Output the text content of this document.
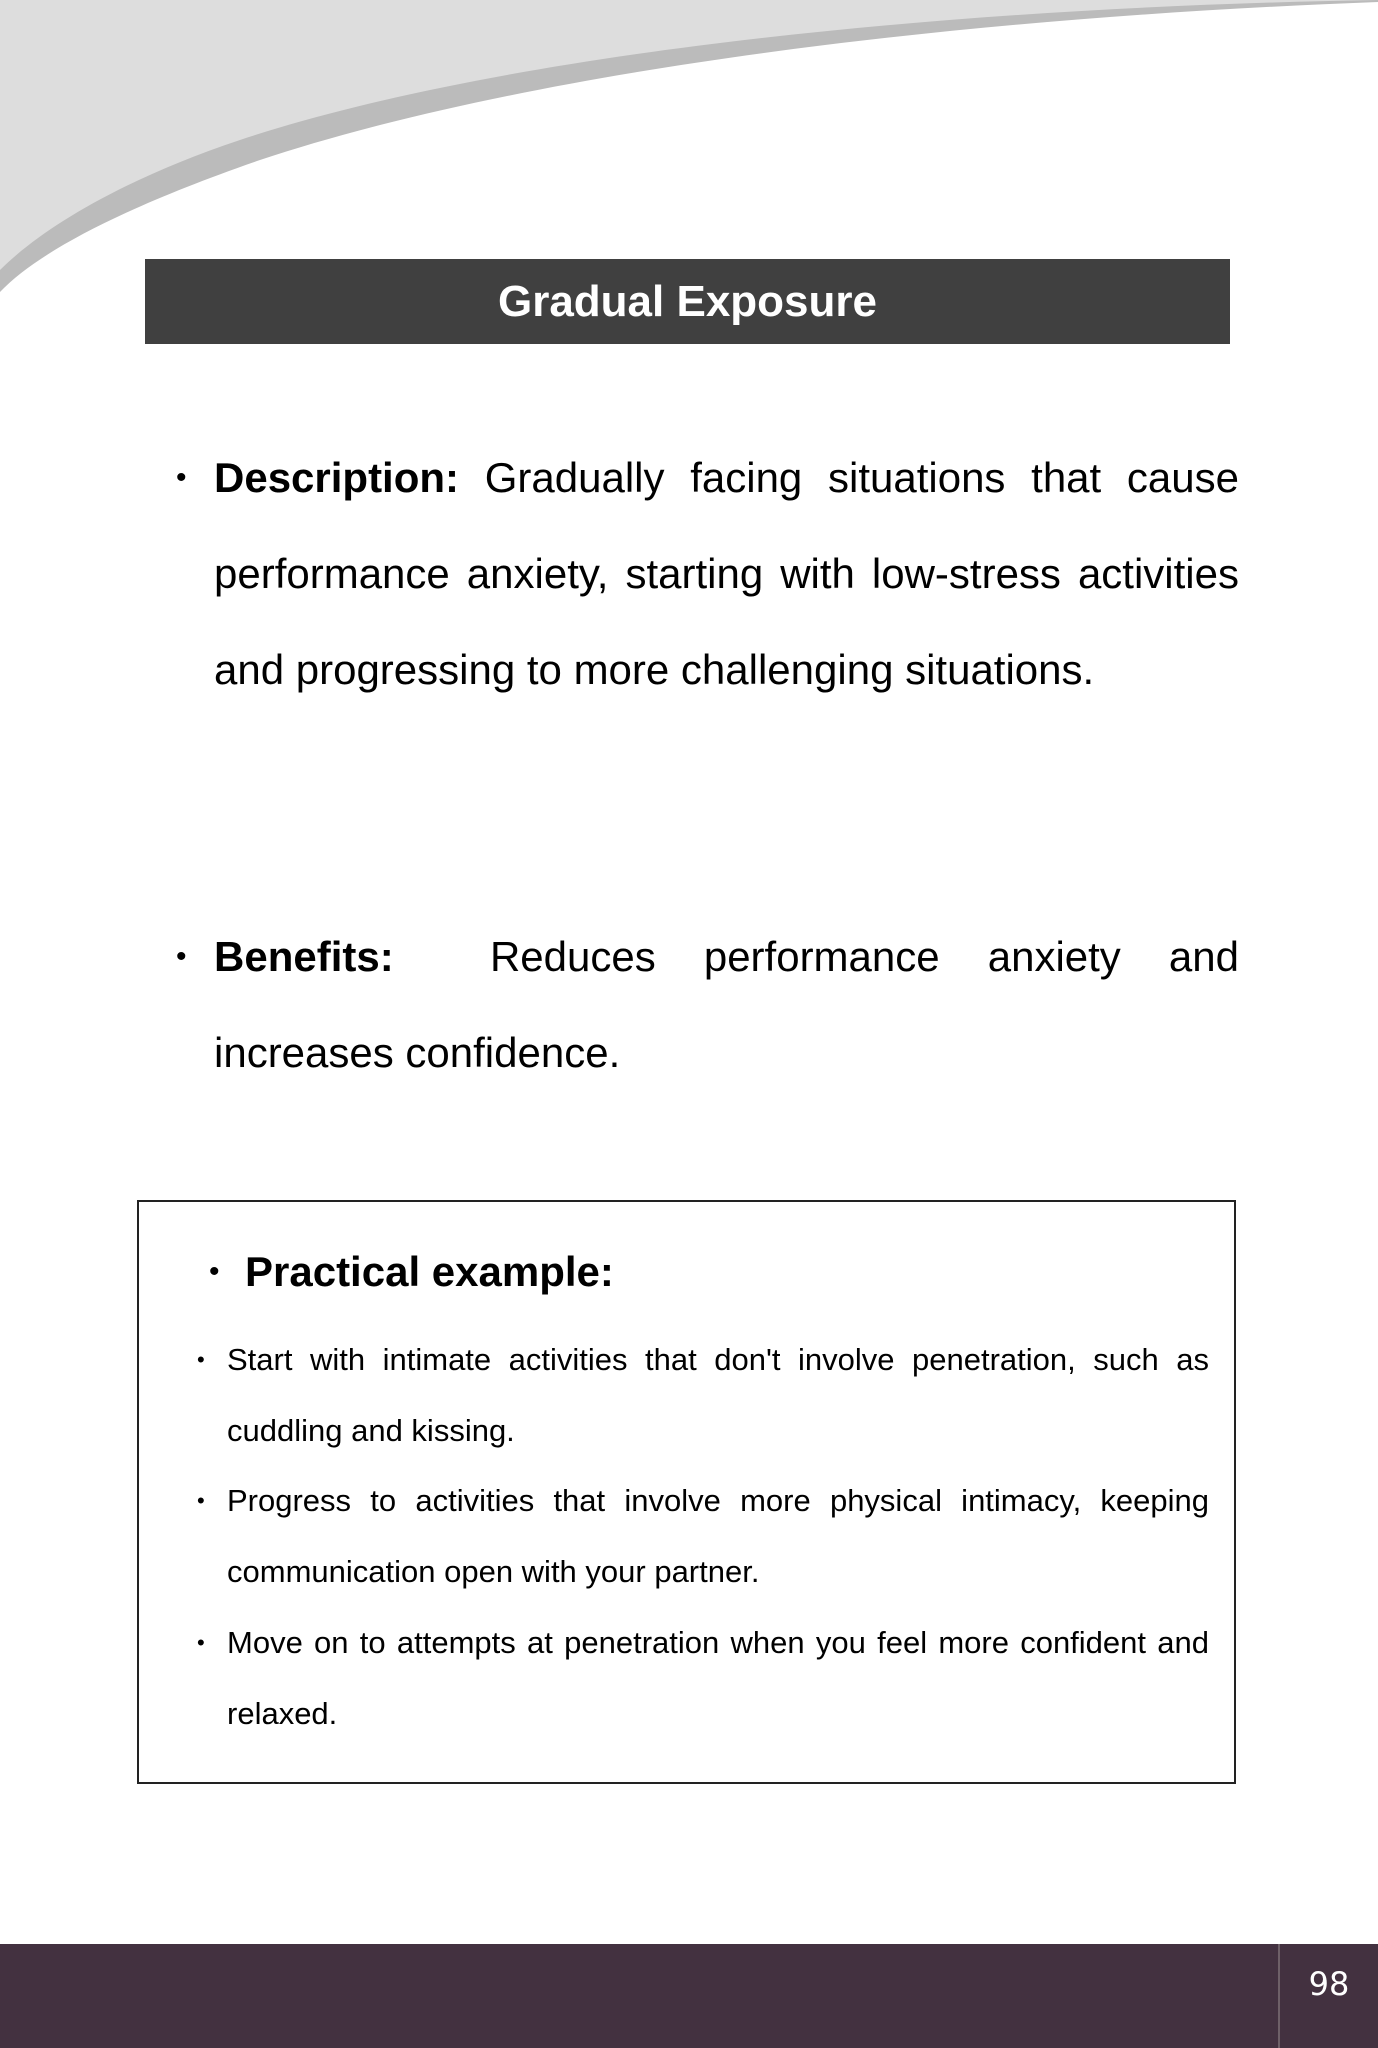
Gradual Exposure
• Description: Gradually facing situations that cause performance anxiety, starting with low-stress activities and progressing to more challenging situations.
• Benefits: Reduces performance anxiety and increases confidence.
• Practical example:
• Start with intimate activities that don't involve penetration, such as cuddling and kissing.
• Progress to activities that involve more physical intimacy, keeping communication open with your partner.
• Move on to attempts at penetration when you feel more confident and relaxed.
98
